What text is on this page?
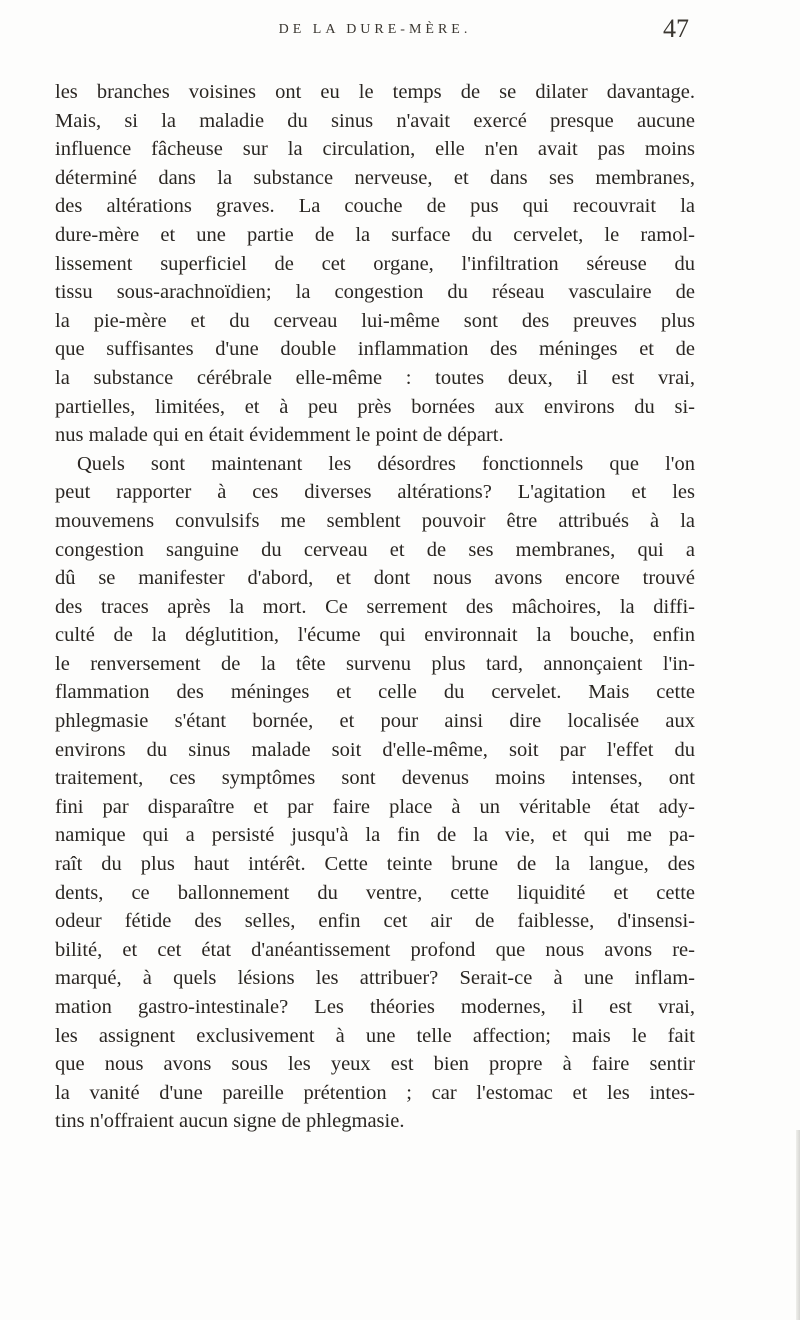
DE LA DURE-MÈRE.	47
les branches voisines ont eu le temps de se dilater davantage.
Mais, si la maladie du sinus n'avait exercé presque aucune
influence fâcheuse sur la circulation, elle n'en avait pas moins
déterminé dans la substance nerveuse, et dans ses membranes,
des altérations graves. La couche de pus qui recouvrait la
dure-mère et une partie de la surface du cervelet, le ramol-
lissement superficiel de cet organe, l'infiltration séreuse du
tissu sous-arachnoïdien; la congestion du réseau vasculaire de
la pie-mère et du cerveau lui-même sont des preuves plus
que suffisantes d'une double inflammation des méninges et de
la substance cérébrale elle-même : toutes deux, il est vrai,
partielles, limitées, et à peu près bornées aux environs du si-
nus malade qui en était évidemment le point de départ.
Quels sont maintenant les désordres fonctionnels que l'on
peut rapporter à ces diverses altérations? L'agitation et les
mouvemens convulsifs me semblent pouvoir être attribués à la
congestion sanguine du cerveau et de ses membranes, qui a
dû se manifester d'abord, et dont nous avons encore trouvé
des traces après la mort. Ce serrement des mâchoires, la diffi-
culté de la déglutition, l'écume qui environnait la bouche, enfin
le renversement de la tête survenu plus tard, annonçaient l'in-
flammation des méninges et celle du cervelet. Mais cette
phlegmasie s'étant bornée, et pour ainsi dire localisée aux
environs du sinus malade soit d'elle-même, soit par l'effet du
traitement, ces symptômes sont devenus moins intenses, ont
fini par disparaître et par faire place à un véritable état ady-
namique qui a persisté jusqu'à la fin de la vie, et qui me pa-
raît du plus haut intérêt. Cette teinte brune de la langue, des
dents, ce ballonnement du ventre, cette liquidité et cette
odeur fétide des selles, enfin cet air de faiblesse, d'insensi-
bilité, et cet état d'anéantissement profond que nous avons re-
marqué, à quels lésions les attribuer? Serait-ce à une inflam-
mation gastro-intestinale? Les théories modernes, il est vrai,
les assignent exclusivement à une telle affection; mais le fait
que nous avons sous les yeux est bien propre à faire sentir
la vanité d'une pareille prétention ; car l'estomac et les intes-
tins n'offraient aucun signe de phlegmasie.
